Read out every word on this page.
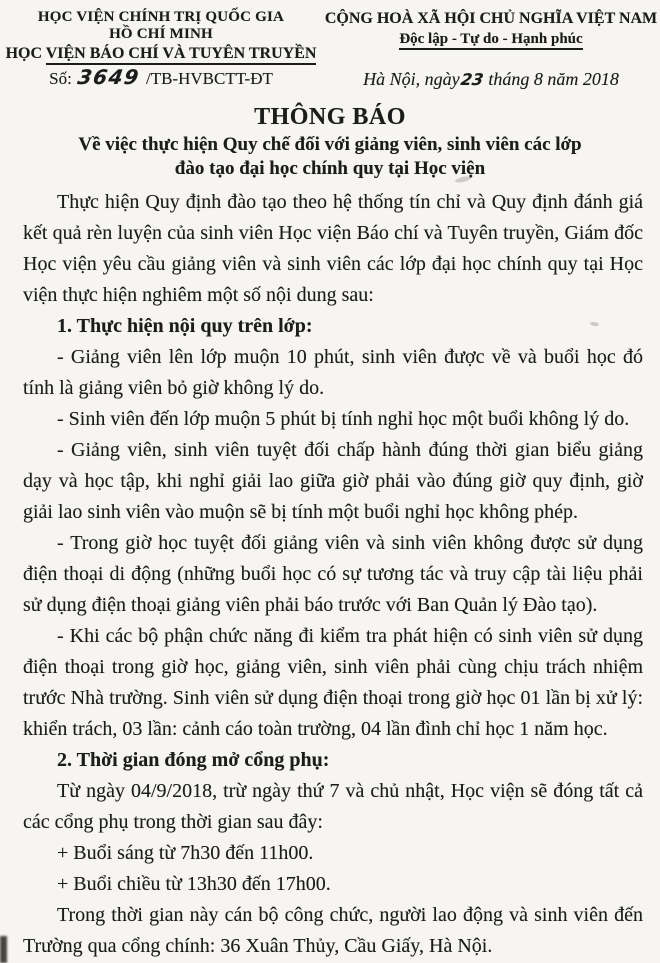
HỌC VIỆN CHÍNH TRỊ QUỐC GIA
HỒ CHÍ MINH
HỌC VIỆN BÁO CHÍ VÀ TUYÊN TRUYỀN
Số: 3649 /TB-HVBCTT-ĐT
CỘNG HOÀ XÃ HỘI CHỦ NGHĨA VIỆT NAM
Độc lập - Tự do - Hạnh phúc
Hà Nội, ngày23 tháng 8 năm 2018
THÔNG BÁO
Về việc thực hiện Quy chế đối với giảng viên, sinh viên các lớp
đào tạo đại học chính quy tại Học viện

Thực hiện Quy định đào tạo theo hệ thống tín chỉ và Quy định đánh giá kết quả rèn luyện của sinh viên Học viện Báo chí và Tuyên truyền, Giám đốc Học viện yêu cầu giảng viên và sinh viên các lớp đại học chính quy tại Học viện thực hiện nghiêm một số nội dung sau:

1. Thực hiện nội quy trên lớp:

- Giảng viên lên lớp muộn 10 phút, sinh viên được về và buổi học đó tính là giảng viên bỏ giờ không lý do.

- Sinh viên đến lớp muộn 5 phút bị tính nghỉ học một buổi không lý do.

- Giảng viên, sinh viên tuyệt đối chấp hành đúng thời gian biểu giảng dạy và học tập, khi nghỉ giải lao giữa giờ phải vào đúng giờ quy định, giờ giải lao sinh viên vào muộn sẽ bị tính một buổi nghỉ học không phép.

- Trong giờ học tuyệt đối giảng viên và sinh viên không được sử dụng điện thoại di động (những buổi học có sự tương tác và truy cập tài liệu phải sử dụng điện thoại giảng viên phải báo trước với Ban Quản lý Đào tạo).

- Khi các bộ phận chức năng đi kiểm tra phát hiện có sinh viên sử dụng điện thoại trong giờ học, giảng viên, sinh viên phải cùng chịu trách nhiệm trước Nhà trường. Sinh viên sử dụng điện thoại trong giờ học 01 lần bị xử lý: khiển trách, 03 lần: cảnh cáo toàn trường, 04 lần đình chỉ học 1 năm học.

2. Thời gian đóng mở cổng phụ:

Từ ngày 04/9/2018, trừ ngày thứ 7 và chủ nhật, Học viện sẽ đóng tất cả các cổng phụ trong thời gian sau đây:

+ Buổi sáng từ 7h30 đến 11h00.

+ Buổi chiều từ 13h30 đến 17h00.

Trong thời gian này cán bộ công chức, người lao động và sinh viên đến Trường qua cổng chính: 36 Xuân Thủy, Cầu Giấy, Hà Nội.
